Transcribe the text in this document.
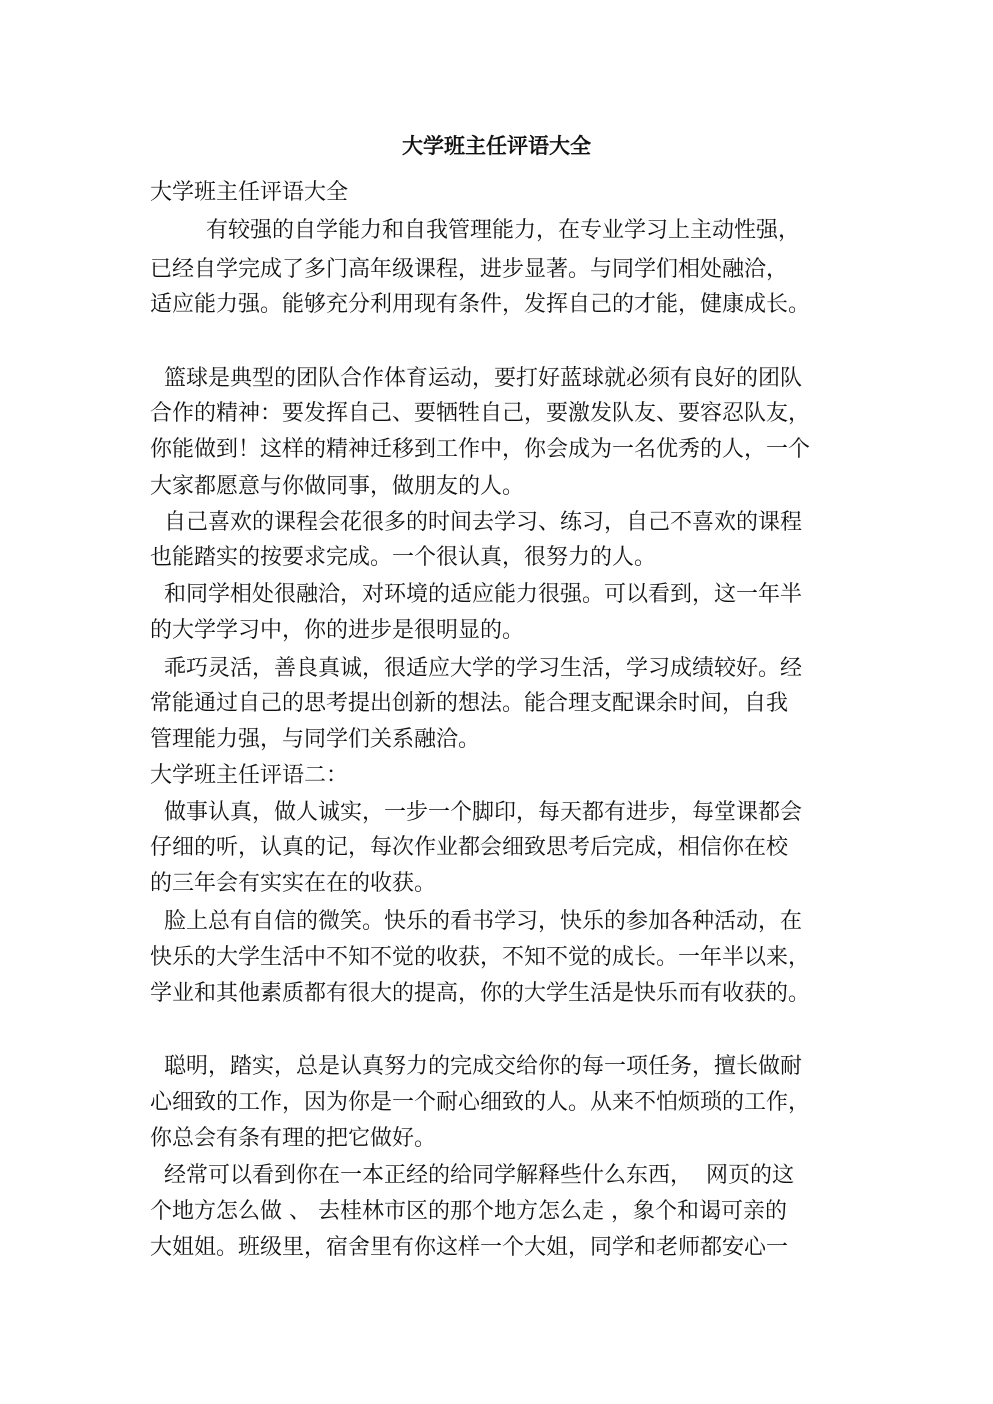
大学班主任评语大全
大学班主任评语大全
有较强的自学能力和自我管理能力，在专业学习上主动性强，
已经自学完成了多门高年级课程，进步显著。与同学们相处融洽，
适应能力强。能够充分利用现有条件，发挥自己的才能，健康成长。
篮球是典型的团队合作体育运动，要打好蓝球就必须有良好的团队
合作的精神：要发挥自己、要牺牲自己，要激发队友、要容忍队友，
你能做到！这样的精神迁移到工作中，你会成为一名优秀的人，一个
大家都愿意与你做同事，做朋友的人。
自己喜欢的课程会花很多的时间去学习、练习，自己不喜欢的课程
也能踏实的按要求完成。一个很认真，很努力的人。
和同学相处很融洽，对环境的适应能力很强。可以看到，这一年半
的大学学习中，你的进步是很明显的。
乖巧灵活，善良真诚，很适应大学的学习生活，学习成绩较好。经
常能通过自己的思考提出创新的想法。能合理支配课余时间，自我
管理能力强，与同学们关系融洽。
大学班主任评语二：
做事认真，做人诚实，一步一个脚印，每天都有进步，每堂课都会
仔细的听，认真的记，每次作业都会细致思考后完成，相信你在校
的三年会有实实在在的收获。
脸上总有自信的微笑。快乐的看书学习，快乐的参加各种活动，在
快乐的大学生活中不知不觉的收获，不知不觉的成长。一年半以来，
学业和其他素质都有很大的提高，你的大学生活是快乐而有收获的。
聪明，踏实，总是认真努力的完成交给你的每一项任务，擅长做耐
心细致的工作，因为你是一个耐心细致的人。从来不怕烦琐的工作，
你总会有条有理的把它做好。
经常可以看到你在一本正经的给同学解释些什么东西，  网页的这
个地方怎么做 、 去桂林市区的那个地方怎么走 ，象个和谒可亲的
大姐姐。班级里，宿舍里有你这样一个大姐，同学和老师都安心一
